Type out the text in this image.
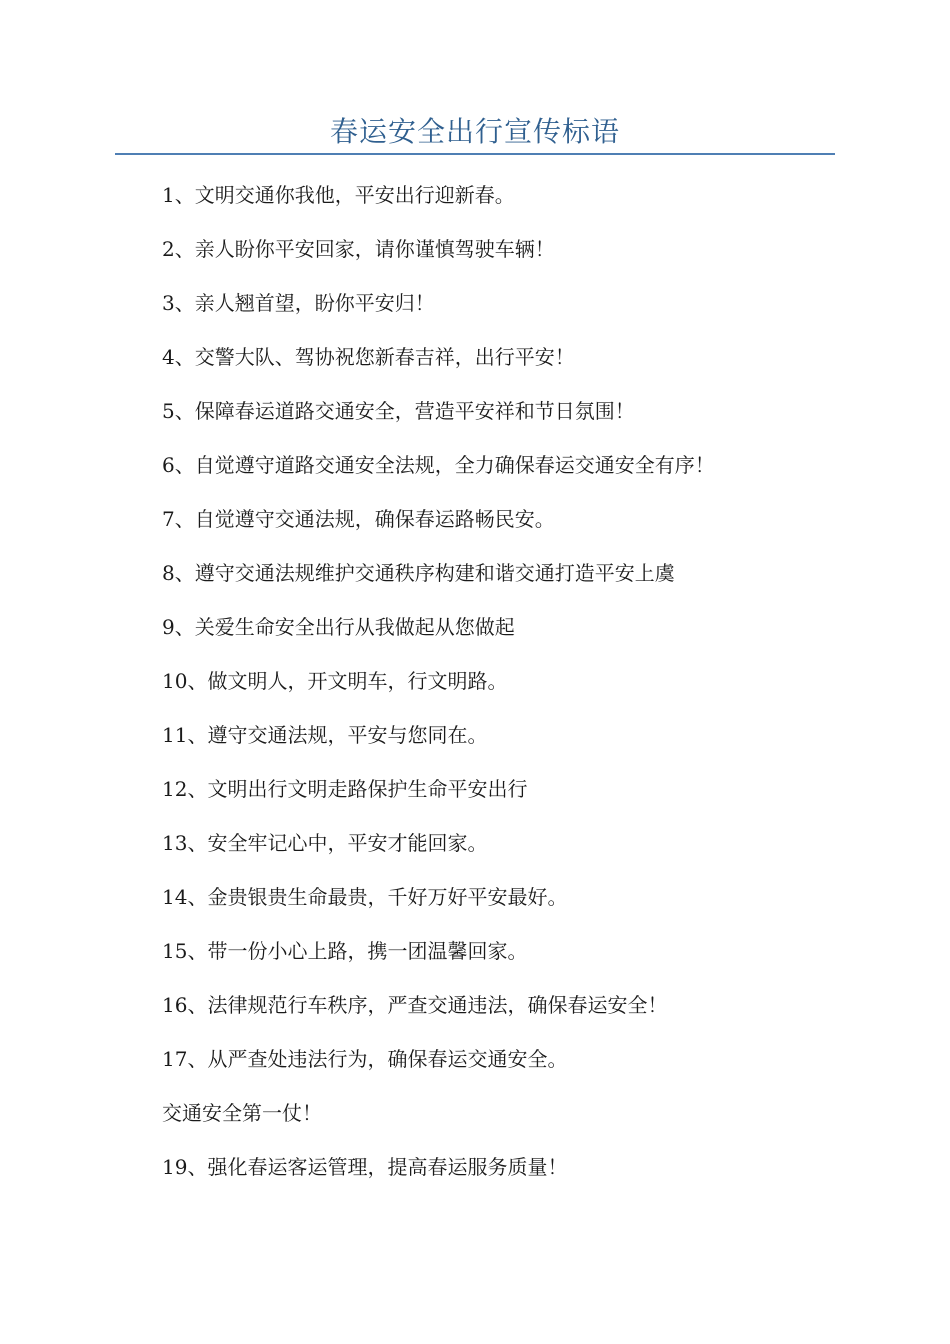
春运安全出行宣传标语
1、文明交通你我他，平安出行迎新春。
2、亲人盼你平安回家，请你谨慎驾驶车辆！
3、亲人翘首望，盼你平安归！
4、交警大队、驾协祝您新春吉祥，出行平安！
5、保障春运道路交通安全，营造平安祥和节日氛围！
6、自觉遵守道路交通安全法规，全力确保春运交通安全有序！
7、自觉遵守交通法规，确保春运路畅民安。
8、遵守交通法规维护交通秩序构建和谐交通打造平安上虞
9、关爱生命安全出行从我做起从您做起
10、做文明人，开文明车，行文明路。
11、遵守交通法规，平安与您同在。
12、文明出行文明走路保护生命平安出行
13、安全牢记心中，平安才能回家。
14、金贵银贵生命最贵，千好万好平安最好。
15、带一份小心上路，携一团温馨回家。
16、法律规范行车秩序，严查交通违法，确保春运安全！
17、从严查处违法行为，确保春运交通安全。
交通安全第一仗！
19、强化春运客运管理，提高春运服务质量！
